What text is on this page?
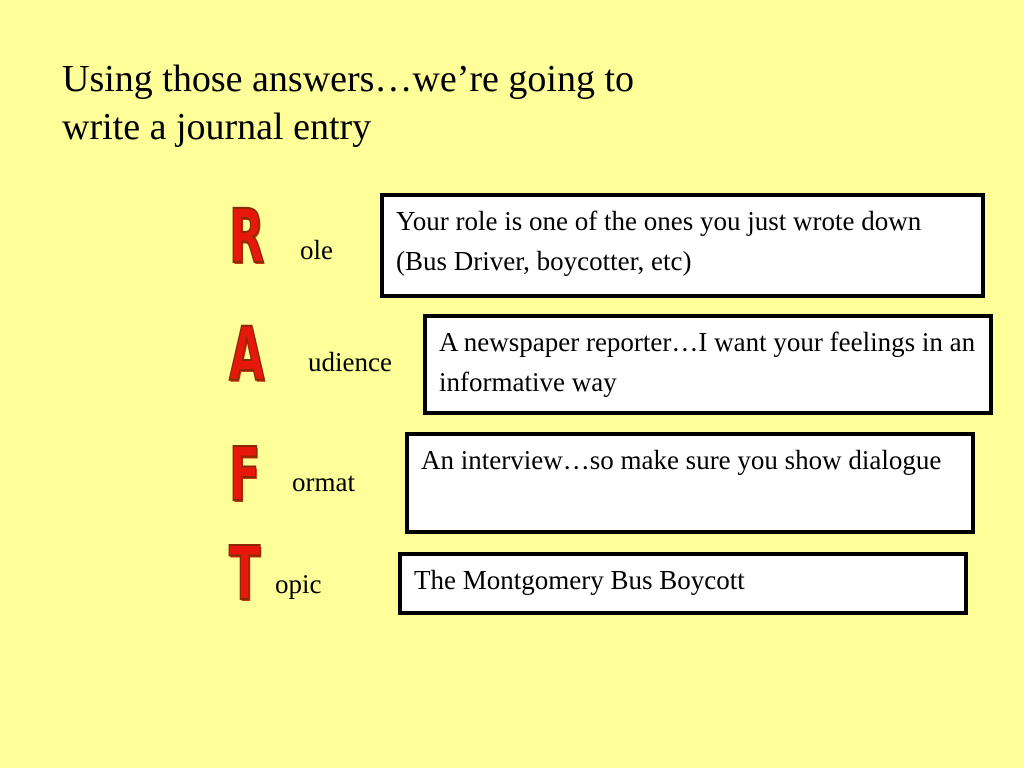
Using those answers…we’re going to
write a journal entry
R ole
Your role is one of the ones you just wrote down (Bus Driver, boycotter, etc)
A udience
A newspaper reporter…I want your feelings in an informative way
F ormat
An interview…so make sure you show dialogue
T opic	The Montgomery Bus Boycott
